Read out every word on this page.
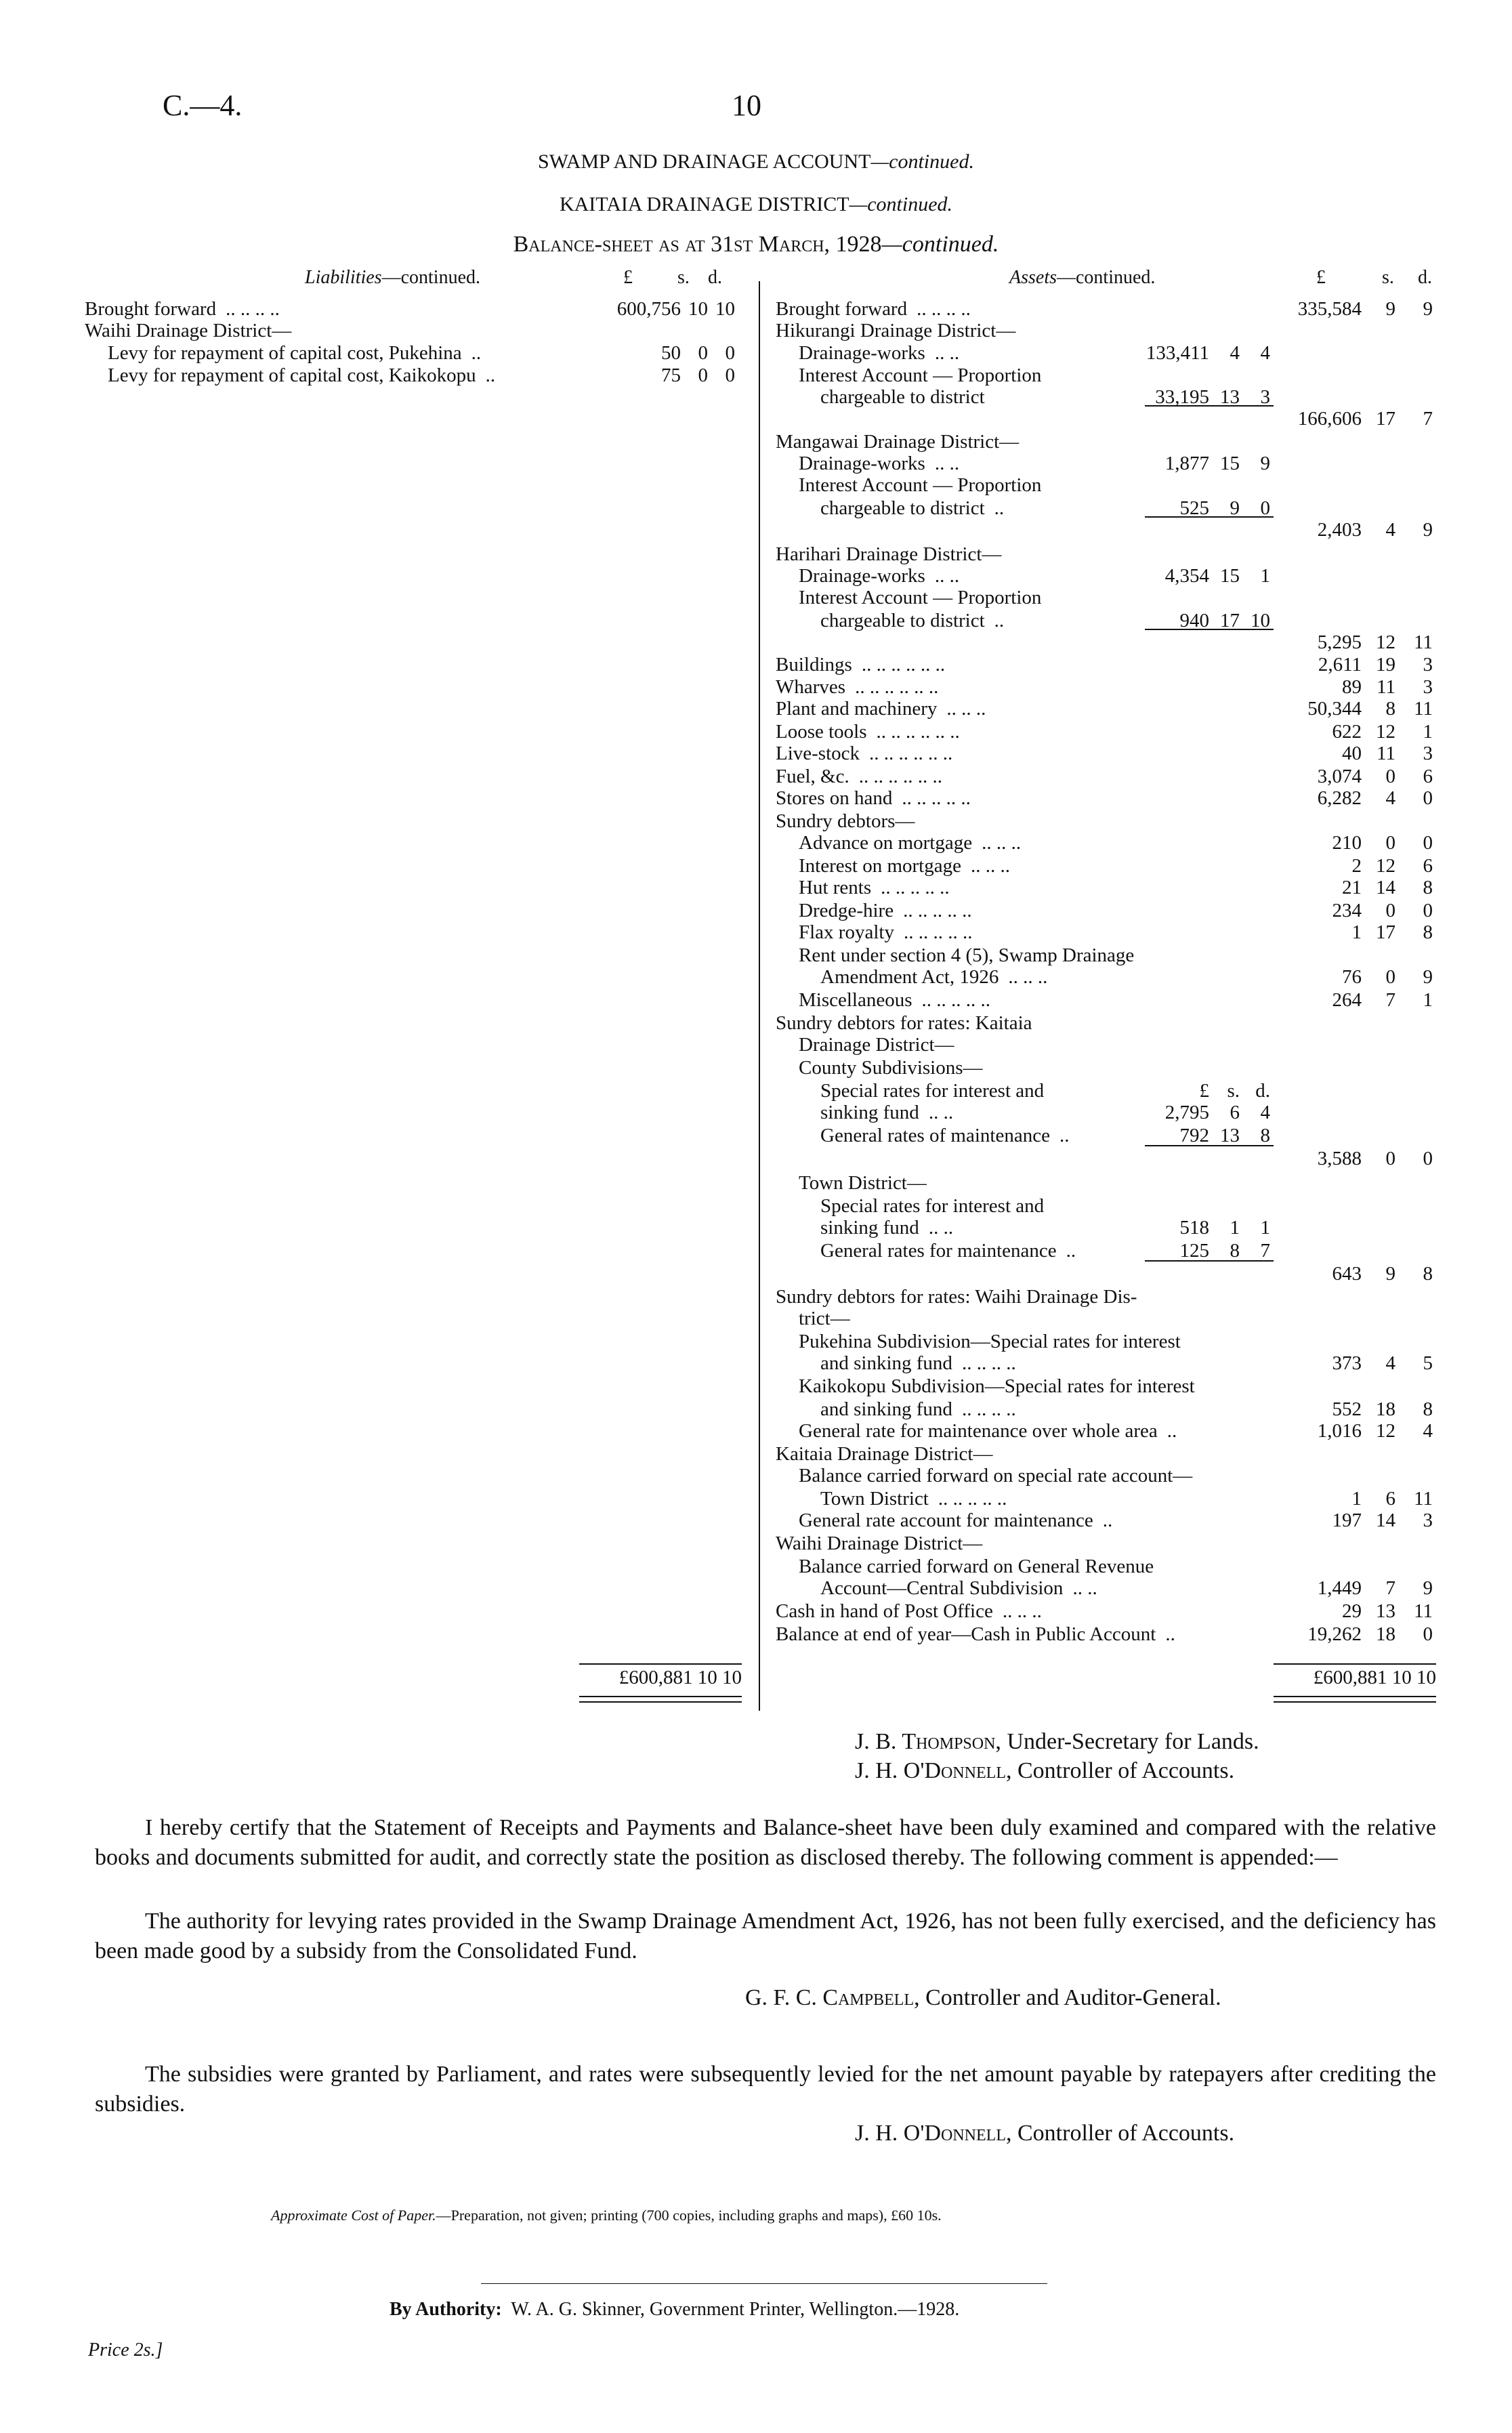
C.—4.	10
SWAMP AND DRAINAGE ACCOUNT—continued.
KAITAIA DRAINAGE DISTRICT—continued.
Balance-sheet as at 31st March, 1928—continued.
Liabilities—continued.	£ s. d.	Assets—continued.	£	s. d.
Brought forward .. .. .. ..	600,756 10 10
Waihi Drainage District—
Levy for repayment of capital cost, Pukehina ..	50 0 0
Levy for repayment of capital cost, Kaikokopu ..	75 0 0
£600,881 10 10
Brought forward .. .. .. ..	335,584	9	9
Hikurangi Drainage District—
Drainage-works .. ..	133,411	4	4
Interest Account — Proportion
chargeable to district	33,195 13	3
166,606 17	7
Mangawai Drainage District—
Drainage-works .. ..	1,877 15	9
Interest Account — Proportion
chargeable to district ..	525	9	0
2,403	4	9
Harihari Drainage District—
Drainage-works .. ..	4,354 15	1
Interest Account — Proportion
chargeable to district ..	940 17 10
5,295 12 11
Buildings .. .. .. .. .. ..	2,611 19	3
Wharves .. .. .. .. .. ..	89 11	3
Plant and machinery .. .. ..	50,344	8 11
Loose tools .. .. .. .. .. ..	622 12	1
Live-stock .. .. .. .. .. ..	40 11	3
Fuel, &c. .. .. .. .. .. ..	3,074	0	6
Stores on hand .. .. .. .. ..	6,282	4	0
Sundry debtors—
Advance on mortgage .. .. ..	210	0	0
Interest on mortgage .. .. ..	2 12	6
Hut rents .. .. .. .. ..	21 14	8
Dredge-hire .. .. .. .. ..	234	0	0
Flax royalty .. .. .. .. ..	1 17	8
Rent under section 4 (5), Swamp Drainage
Amendment Act, 1926 .. .. ..	76	0	9
Miscellaneous .. .. .. .. ..	264	7	1
Sundry debtors for rates: Kaitaia
Drainage District—
County Subdivisions—
Special rates for interest and	£ s. d.
sinking fund .. ..	2,795	6	4
General rates of maintenance ..	792 13	8
3,588	0	0
Town District—
Special rates for interest and
sinking fund .. ..	518	1	1
General rates for maintenance ..	125	8	7
643	9	8
Sundry debtors for rates: Waihi Drainage Dis-
trict—
Pukehina Subdivision—Special rates for interest
and sinking fund .. .. .. ..	373	4	5
Kaikokopu Subdivision—Special rates for interest
and sinking fund .. .. .. ..	552 18	8
General rate for maintenance over whole area ..	1,016 12	4
Kaitaia Drainage District—
Balance carried forward on special rate account—
Town District .. .. .. .. ..	1	6 11
General rate account for maintenance ..	197 14	3
Waihi Drainage District—
Balance carried forward on General Revenue
Account—Central Subdivision .. ..	1,449	7	9
Cash in hand of Post Office .. .. ..	29 13 11
Balance at end of year—Cash in Public Account ..	19,262 18	0
£600,881 10 10
J. B. Thompson, Under-Secretary for Lands.
J. H. O'Donnell, Controller of Accounts.
I hereby certify that the Statement of Receipts and Payments and Balance-sheet have been duly examined and compared with the relative books and documents submitted for audit, and correctly state the position as disclosed thereby. The following comment is appended:—
The authority for levying rates provided in the Swamp Drainage Amendment Act, 1926, has not been fully exercised, and the deficiency has been made good by a subsidy from the Consolidated Fund.
G. F. C. Campbell, Controller and Auditor-General.
The subsidies were granted by Parliament, and rates were subsequently levied for the net amount payable by ratepayers after crediting the subsidies.
J. H. O'Donnell, Controller of Accounts.
Approximate Cost of Paper.—Preparation, not given; printing (700 copies, including graphs and maps), £60 10s.
By Authority: W. A. G. Skinner, Government Printer, Wellington.—1928.
Price 2s.]
